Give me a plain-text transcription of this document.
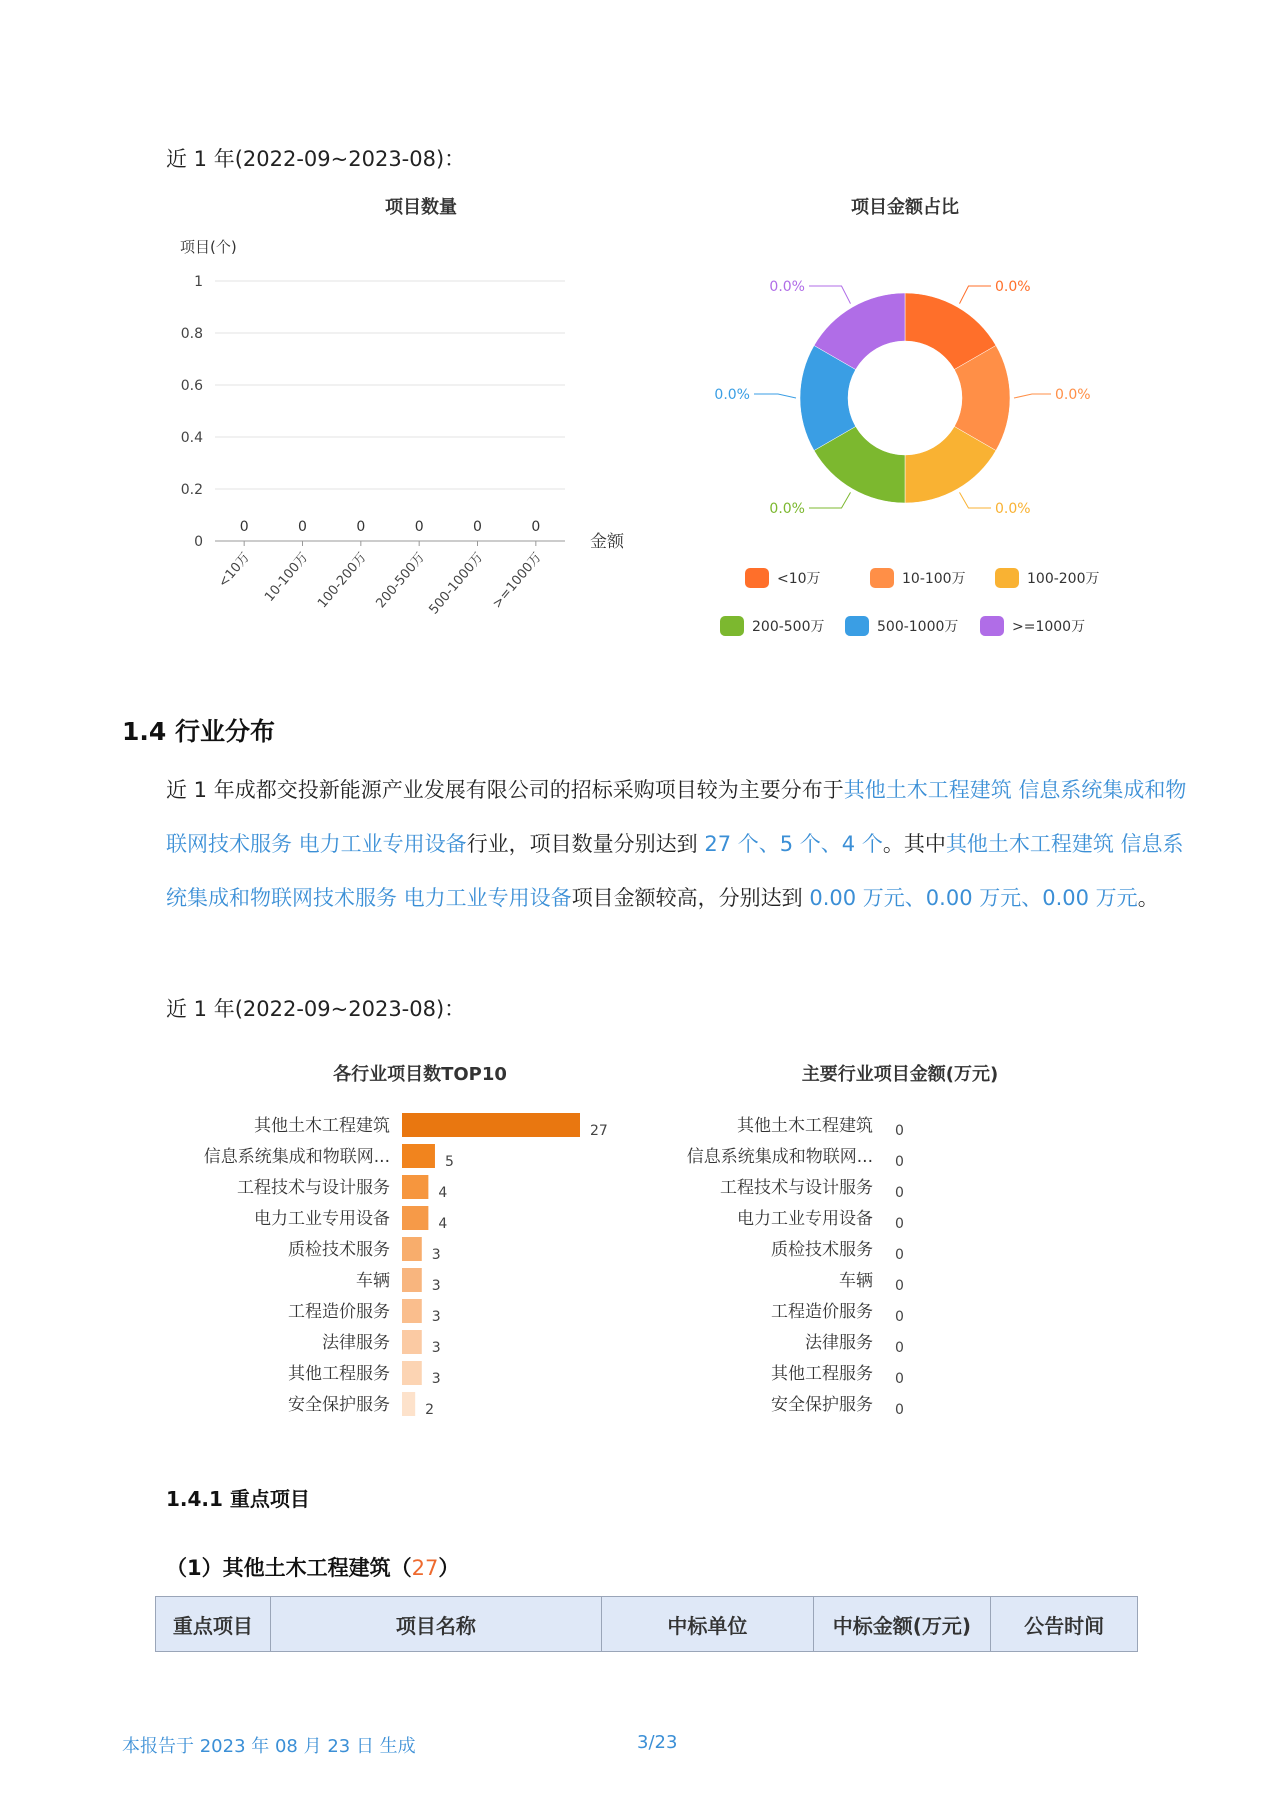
近 1 年(2022-09~2023-08)：
项目数量
项目(个)
1
0.8
0.6
0.4
0.2
0
0
<10万
0
10-100万
0
100-200万
0
200-500万
0
500-1000万
0
>=1000万
金额
项目金额占比
0.0%
0.0%
0.0%
0.0%
0.0%
0.0%
<10万	10-100万	100-200万
200-500万	500-1000万	>=1000万
1.4 行业分布
近 1 年成都交投新能源产业发展有限公司的招标采购项目较为主要分布于其他土木工程建筑 信息系统集成和物联网技术服务 电力工业专用设备行业，项目数量分别达到 27 个、5 个、4 个。其中其他土木工程建筑 信息系统集成和物联网技术服务 电力工业专用设备项目金额较高，分别达到 0.00 万元、0.00 万元、0.00 万元。
近 1 年(2022-09~2023-08)：
各行业项目数TOP10
其他土木工程建筑	27
信息系统集成和物联网...	5
工程技术与设计服务	4
电力工业专用设备	4
质检技术服务	3
车辆	3
工程造价服务	3
法律服务	3
其他工程服务	3
安全保护服务	2
主要行业项目金额(万元)
其他土木工程建筑 0
信息系统集成和物联网... 0
工程技术与设计服务 0
电力工业专用设备 0
质检技术服务 0
车辆 0
工程造价服务 0
法律服务 0
其他工程服务 0
安全保护服务 0
1.4.1 重点项目
（1）其他土木工程建筑（27）
重点项目	项目名称	中标单位	中标金额(万元)	公告时间
本报告于 2023 年 08 月 23 日 生成	3/23
